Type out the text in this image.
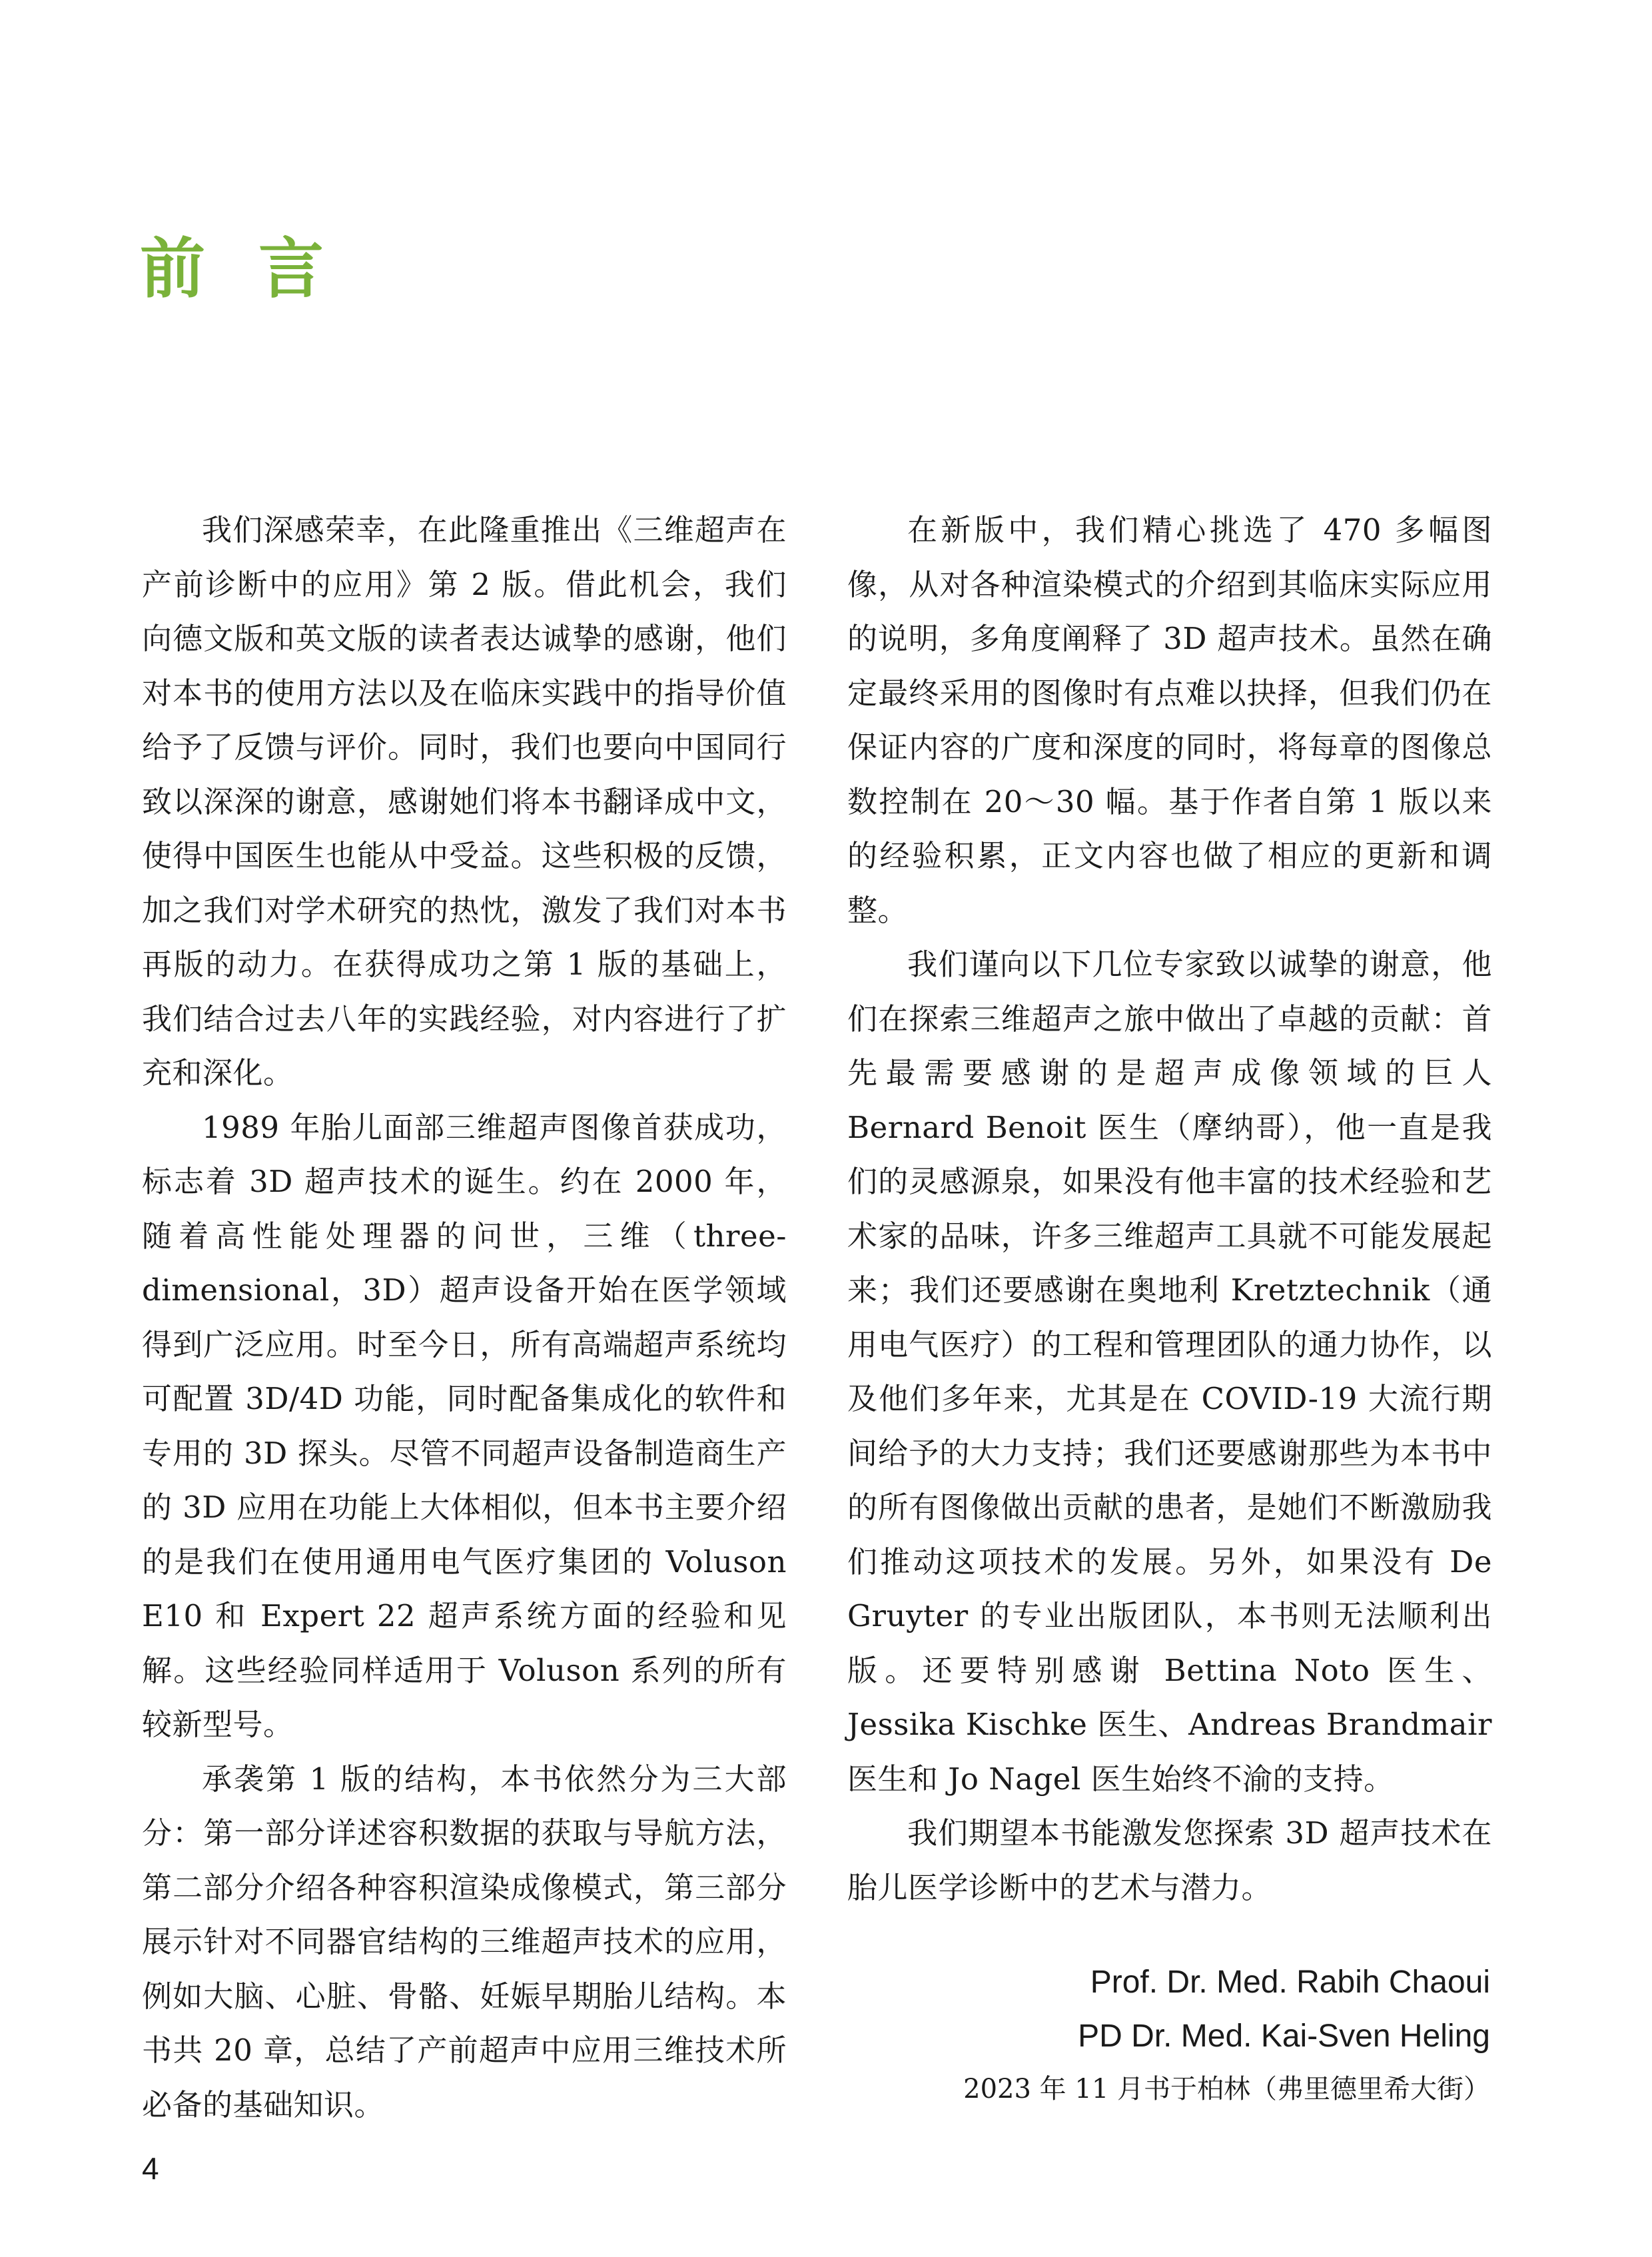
前言

我们深感荣幸，在此隆重推出《三维超声在产前诊断中的应用》第 2 版。借此机会，我们向德文版和英文版的读者表达诚挚的感谢，他们对本书的使用方法以及在临床实践中的指导价值给予了反馈与评价。同时，我们也要向中国同行致以深深的谢意，感谢她们将本书翻译成中文，使得中国医生也能从中受益。这些积极的反馈，加之我们对学术研究的热忱，激发了我们对本书再版的动力。在获得成功之第 1 版的基础上，我们结合过去八年的实践经验，对内容进行了扩充和深化。

1989 年胎儿面部三维超声图像首获成功，标志着 3D 超声技术的诞生。约在 2000 年，随着高性能处理器的问世，三维（three-dimensional，3D）超声设备开始在医学领域得到广泛应用。时至今日，所有高端超声系统均可配置 3D/4D 功能，同时配备集成化的软件和专用的 3D 探头。尽管不同超声设备制造商生产的 3D 应用在功能上大体相似，但本书主要介绍的是我们在使用通用电气医疗集团的 Voluson E10 和 Expert 22 超声系统方面的经验和见解。这些经验同样适用于 Voluson 系列的所有较新型号。

承袭第 1 版的结构，本书依然分为三大部分：第一部分详述容积数据的获取与导航方法，第二部分介绍各种容积渲染成像模式，第三部分展示针对不同器官结构的三维超声技术的应用，例如大脑、心脏、骨骼、妊娠早期胎儿结构。本书共 20 章，总结了产前超声中应用三维技术所必备的基础知识。

在新版中，我们精心挑选了 470 多幅图像，从对各种渲染模式的介绍到其临床实际应用的说明，多角度阐释了 3D 超声技术。虽然在确定最终采用的图像时有点难以抉择，但我们仍在保证内容的广度和深度的同时，将每章的图像总数控制在 20～30 幅。基于作者自第 1 版以来的经验积累，正文内容也做了相应的更新和调整。

我们谨向以下几位专家致以诚挚的谢意，他们在探索三维超声之旅中做出了卓越的贡献：首先最需要感谢的是超声成像领域的巨人 Bernard Benoit 医生（摩纳哥），他一直是我们的灵感源泉，如果没有他丰富的技术经验和艺术家的品味，许多三维超声工具就不可能发展起来；我们还要感谢在奥地利 Kretztechnik（通用电气医疗）的工程和管理团队的通力协作，以及他们多年来，尤其是在 COVID-19 大流行期间给予的大力支持；我们还要感谢那些为本书中的所有图像做出贡献的患者，是她们不断激励我们推动这项技术的发展。另外，如果没有 De Gruyter 的专业出版团队，本书则无法顺利出版。还要特别感谢 Bettina Noto 医生、Jessika Kischke 医生、Andreas Brandmair 医生和 Jo Nagel 医生始终不渝的支持。

我们期望本书能激发您探索 3D 超声技术在胎儿医学诊断中的艺术与潜力。

Prof. Dr. Med. Rabih Chaoui
PD Dr. Med. Kai-Sven Heling
2023 年 11 月书于柏林（弗里德里希大街）

4
